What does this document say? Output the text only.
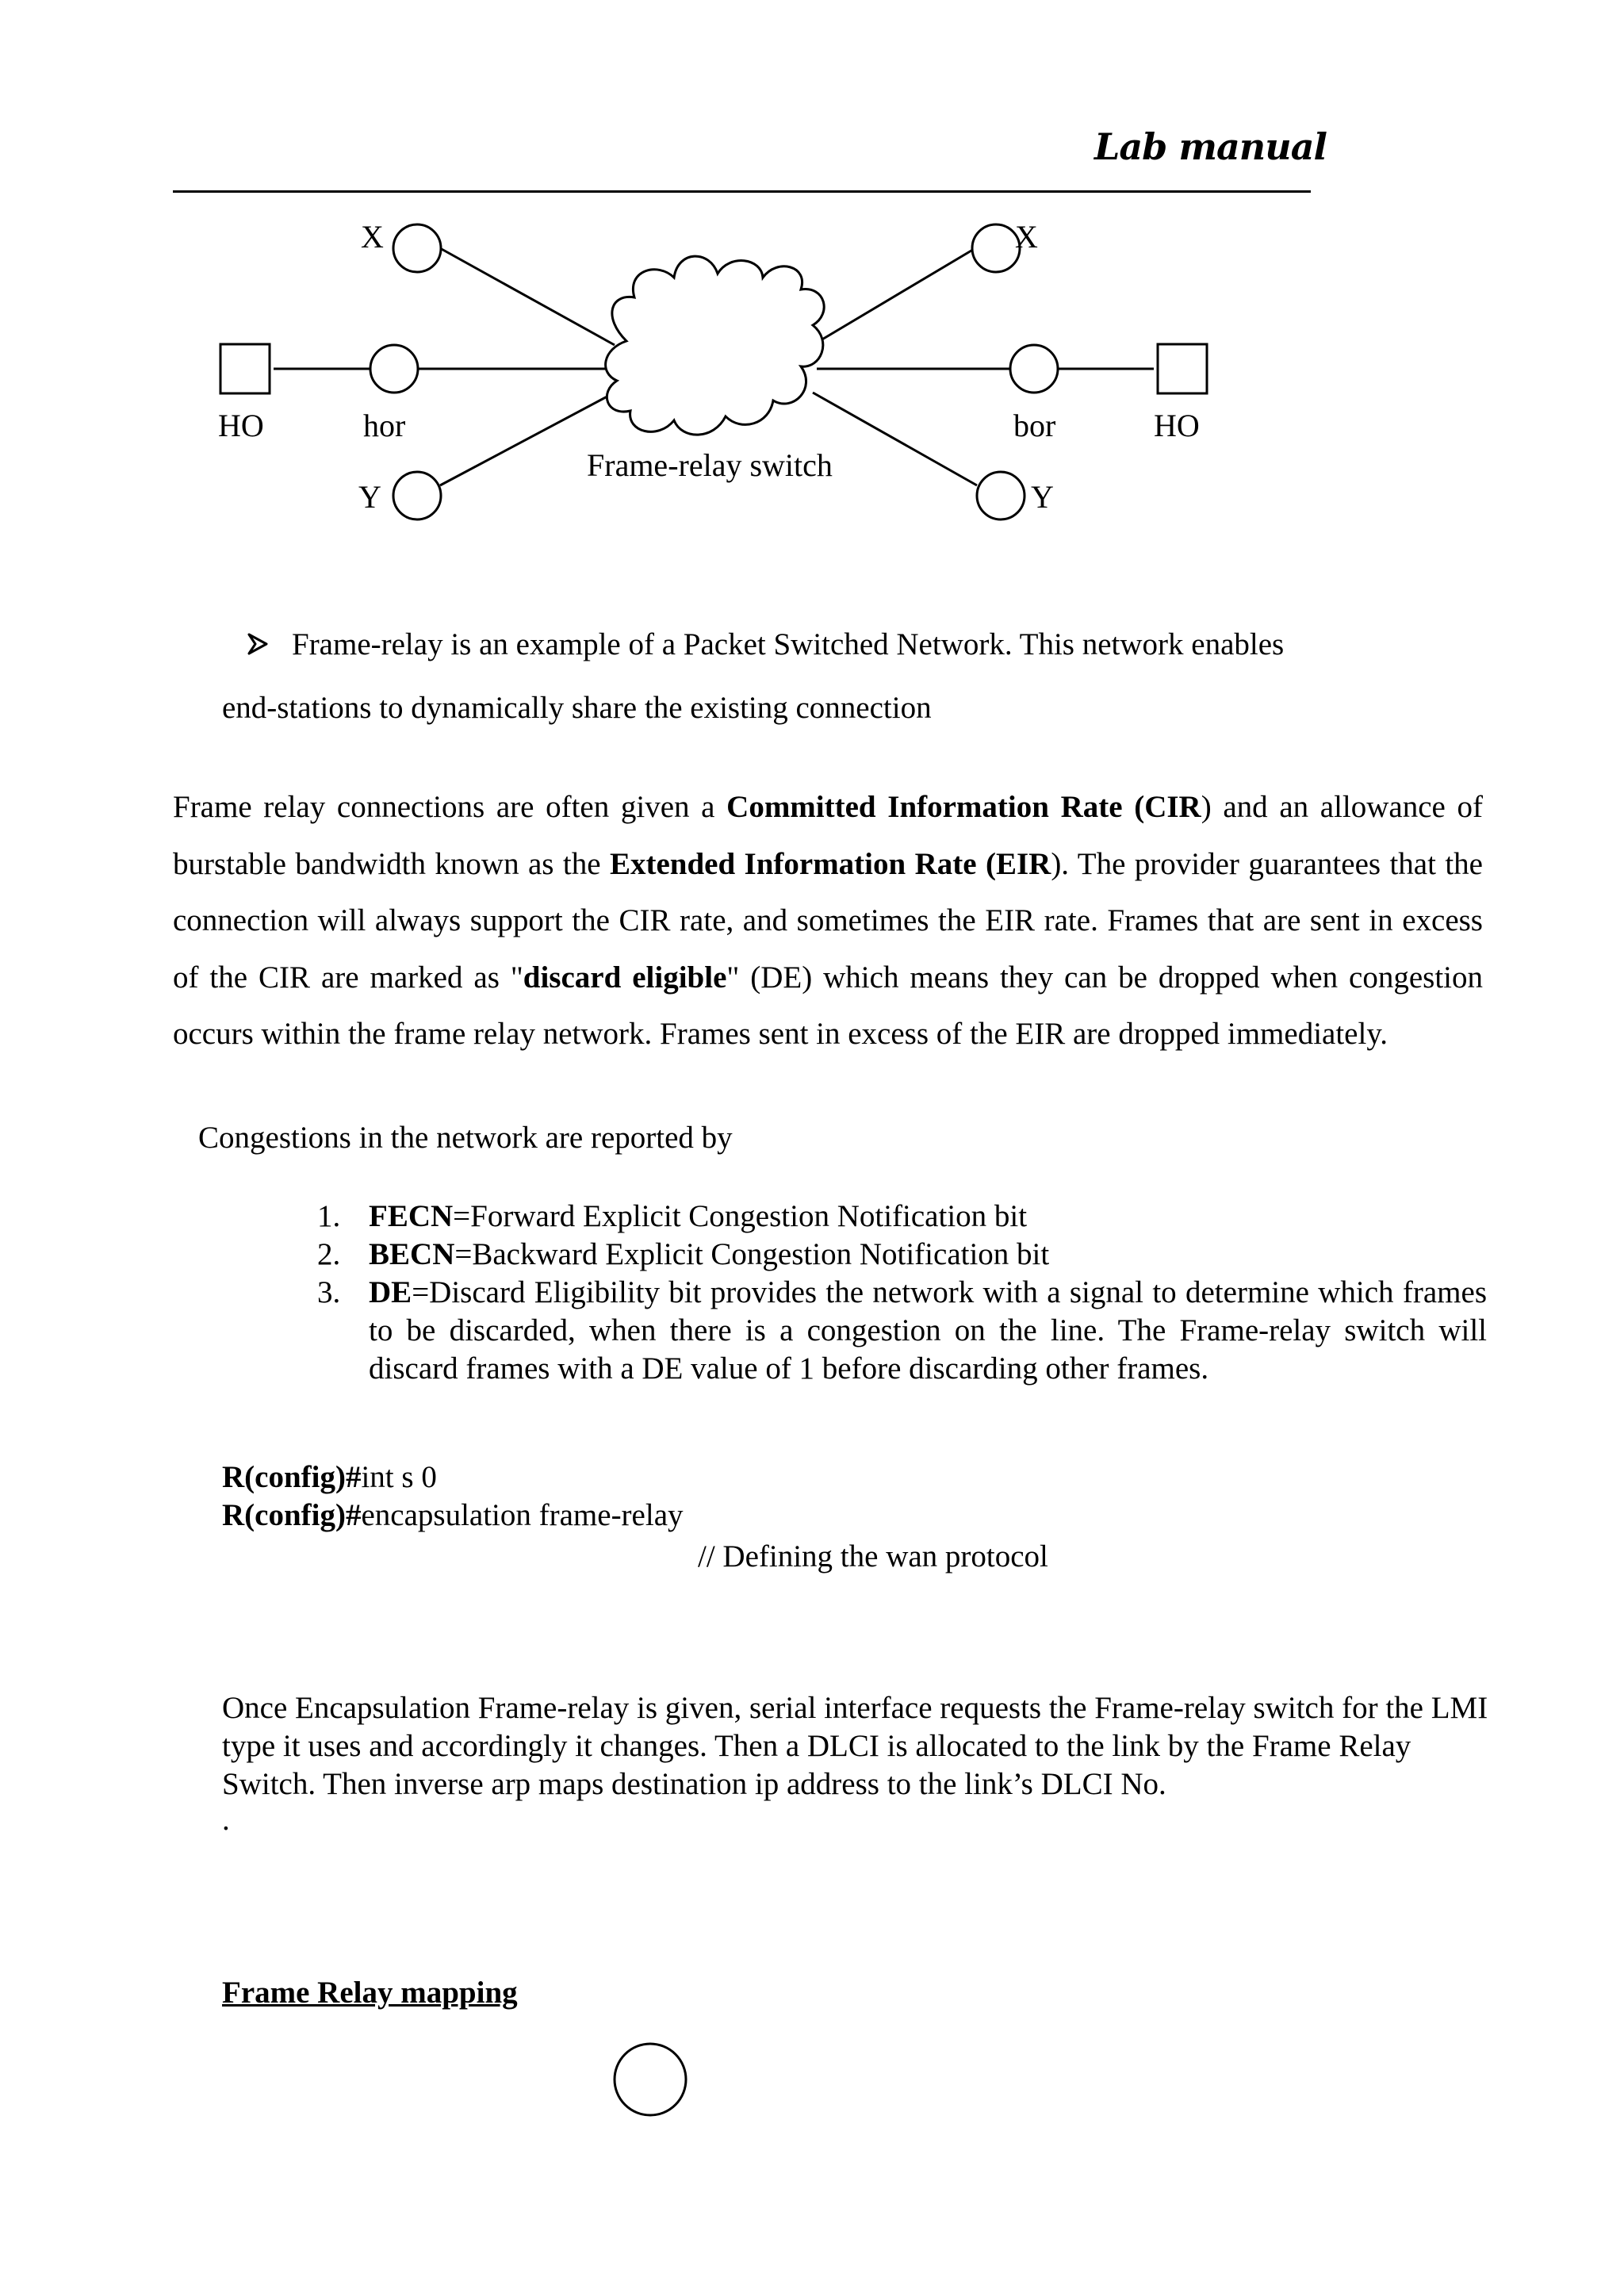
Lab manual
X
HO	hor
Y
Frame-relay switch
X
bor	HO
Y
Frame-relay is an example of a Packet Switched Network. This network enables
end-stations to dynamically share the existing connection
Frame relay connections are often given a Committed Information Rate (CIR) and an allowance of burstable bandwidth known as the Extended Information Rate (EIR). The provider guarantees that the connection will always support the CIR rate, and sometimes the EIR rate. Frames that are sent in excess of the CIR are marked as "discard eligible" (DE) which means they can be dropped when congestion occurs within the frame relay network. Frames sent in excess of the EIR are dropped immediately.
Congestions in the network are reported by
1. FECN=Forward Explicit Congestion Notification bit
2. BECN=Backward Explicit Congestion Notification bit
3. DE=Discard Eligibility bit provides the network with a signal to determine which frames to be discarded, when there is a congestion on the line. The Frame-relay switch will discard frames with a DE value of 1 before discarding other frames.
R(config)#int s 0
R(config)#encapsulation frame-relay
// Defining the wan protocol
Once Encapsulation Frame-relay is given, serial interface requests the Frame-relay switch for the LMI type it uses and accordingly it changes. Then a DLCI is allocated to the link by the Frame Relay Switch. Then inverse arp maps destination ip address to the link’s DLCI No.
.
Frame Relay mapping
